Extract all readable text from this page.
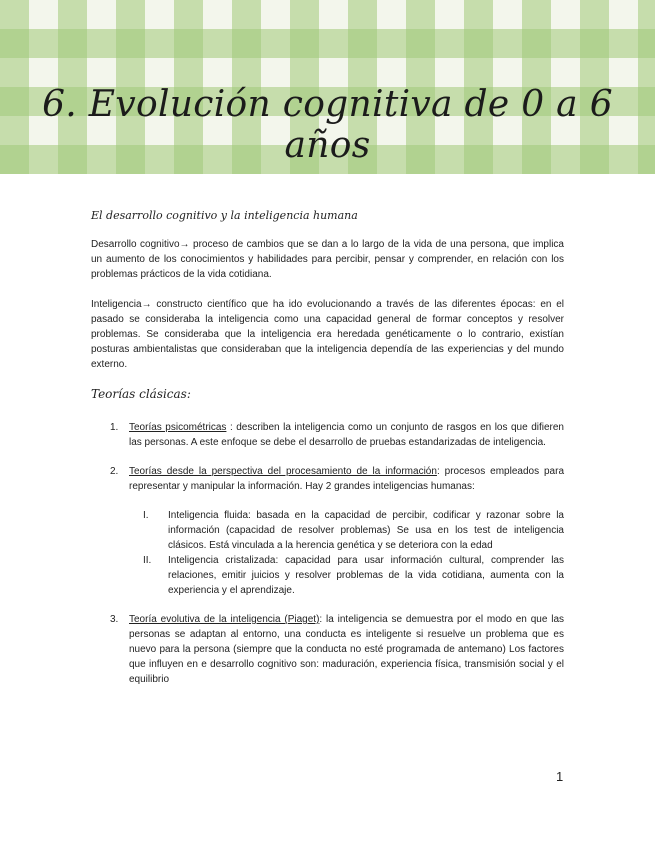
6. Evolución cognitiva de 0 a 6 años
El desarrollo cognitivo y la inteligencia humana
Desarrollo cognitivo→ proceso de cambios que se dan a lo largo de la vida de una persona, que implica un aumento de los conocimientos y habilidades para percibir, pensar y comprender, en relación con los problemas prácticos de la vida cotidiana.
Inteligencia→ constructo científico que ha ido evolucionando a través de las diferentes épocas: en el pasado se consideraba la inteligencia como una capacidad general de formar conceptos y resolver problemas. Se consideraba que la inteligencia era heredada genéticamente o lo contrario, existían posturas ambientalistas que consideraban que la inteligencia dependía de las experiencias y del mundo externo.
Teorías clásicas:
1. Teorías psicométricas : describen la inteligencia como un conjunto de rasgos en los que difieren las personas. A este enfoque se debe el desarrollo de pruebas estandarizadas de inteligencia.
2. Teorías desde la perspectiva del procesamiento de la información: procesos empleados para representar y manipular la información. Hay 2 grandes inteligencias humanas:
I. Inteligencia fluida: basada en la capacidad de percibir, codificar y razonar sobre la información (capacidad de resolver problemas) Se usa en los test de inteligencia clásicos. Está vinculada a la herencia genética y se deteriora con la edad
II. Inteligencia cristalizada: capacidad para usar información cultural, comprender las relaciones, emitir juicios y resolver problemas de la vida cotidiana, aumenta con la experiencia y el aprendizaje.
3. Teoría evolutiva de la inteligencia (Piaget): la inteligencia se demuestra por el modo en que las personas se adaptan al entorno, una conducta es inteligente si resuelve un problema que es nuevo para la persona (siempre que la conducta no esté programada de antemano) Los factores que influyen en e desarrollo cognitivo son: maduración, experiencia física, transmisión social y el equilibrio
1
